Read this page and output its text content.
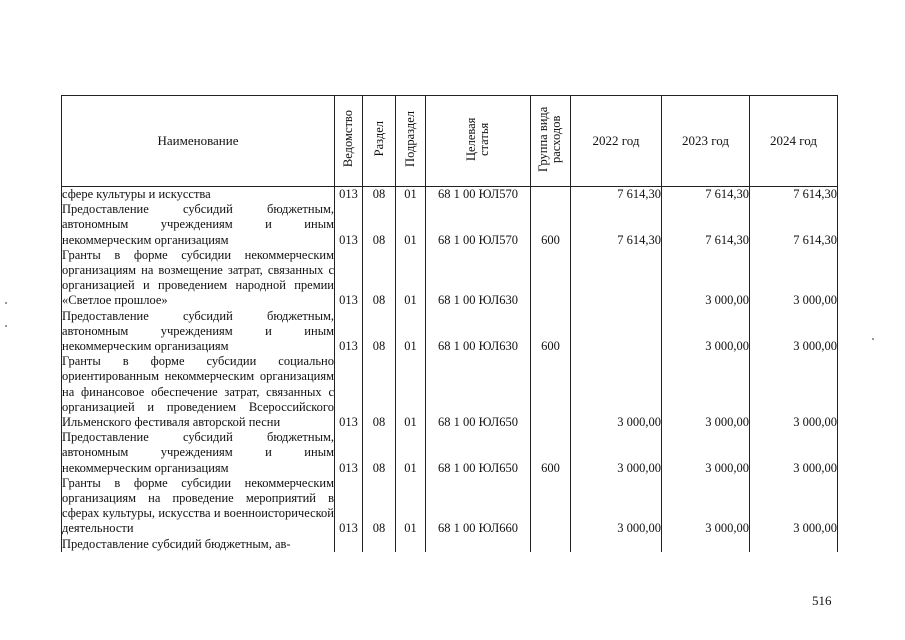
Наименование	Ведомство	Раздел	Подраздел	Целевая статья	Группа вида расходов	2022 год	2023 год	2024 год
сфере культуры и искусства	013	08	01	68 1 00 ЮЛ570		7 614,30	7 614,30	7 614,30
Предоставление субсидий бюджетным, автономным учреждениям и иным некоммерческим организациям	013	08	01	68 1 00 ЮЛ570	600	7 614,30	7 614,30	7 614,30
Гранты в форме субсидии некоммерческим организациям на возмещение затрат, связанных с организацией и проведением народной премии «Светлое прошлое»	013	08	01	68 1 00 ЮЛ630			3 000,00	3 000,00
Предоставление субсидий бюджетным, автономным учреждениям и иным некоммерческим организациям	013	08	01	68 1 00 ЮЛ630	600		3 000,00	3 000,00
Гранты в форме субсидии социально ориентированным некоммерческим организациям на финансовое обеспечение затрат, связанных с организацией и проведением Всероссийского Ильменского фестиваля авторской песни	013	08	01	68 1 00 ЮЛ650		3 000,00	3 000,00	3 000,00
Предоставление субсидий бюджетным, автономным учреждениям и иным некоммерческим организациям	013	08	01	68 1 00 ЮЛ650	600	3 000,00	3 000,00	3 000,00
Гранты в форме субсидии некоммерческим организациям на проведение мероприятий в сферах культуры, искусства и военноисторической деятельности	013	08	01	68 1 00 ЮЛ660		3 000,00	3 000,00	3 000,00
Предоставление субсидий бюджетным, ав-								
516
